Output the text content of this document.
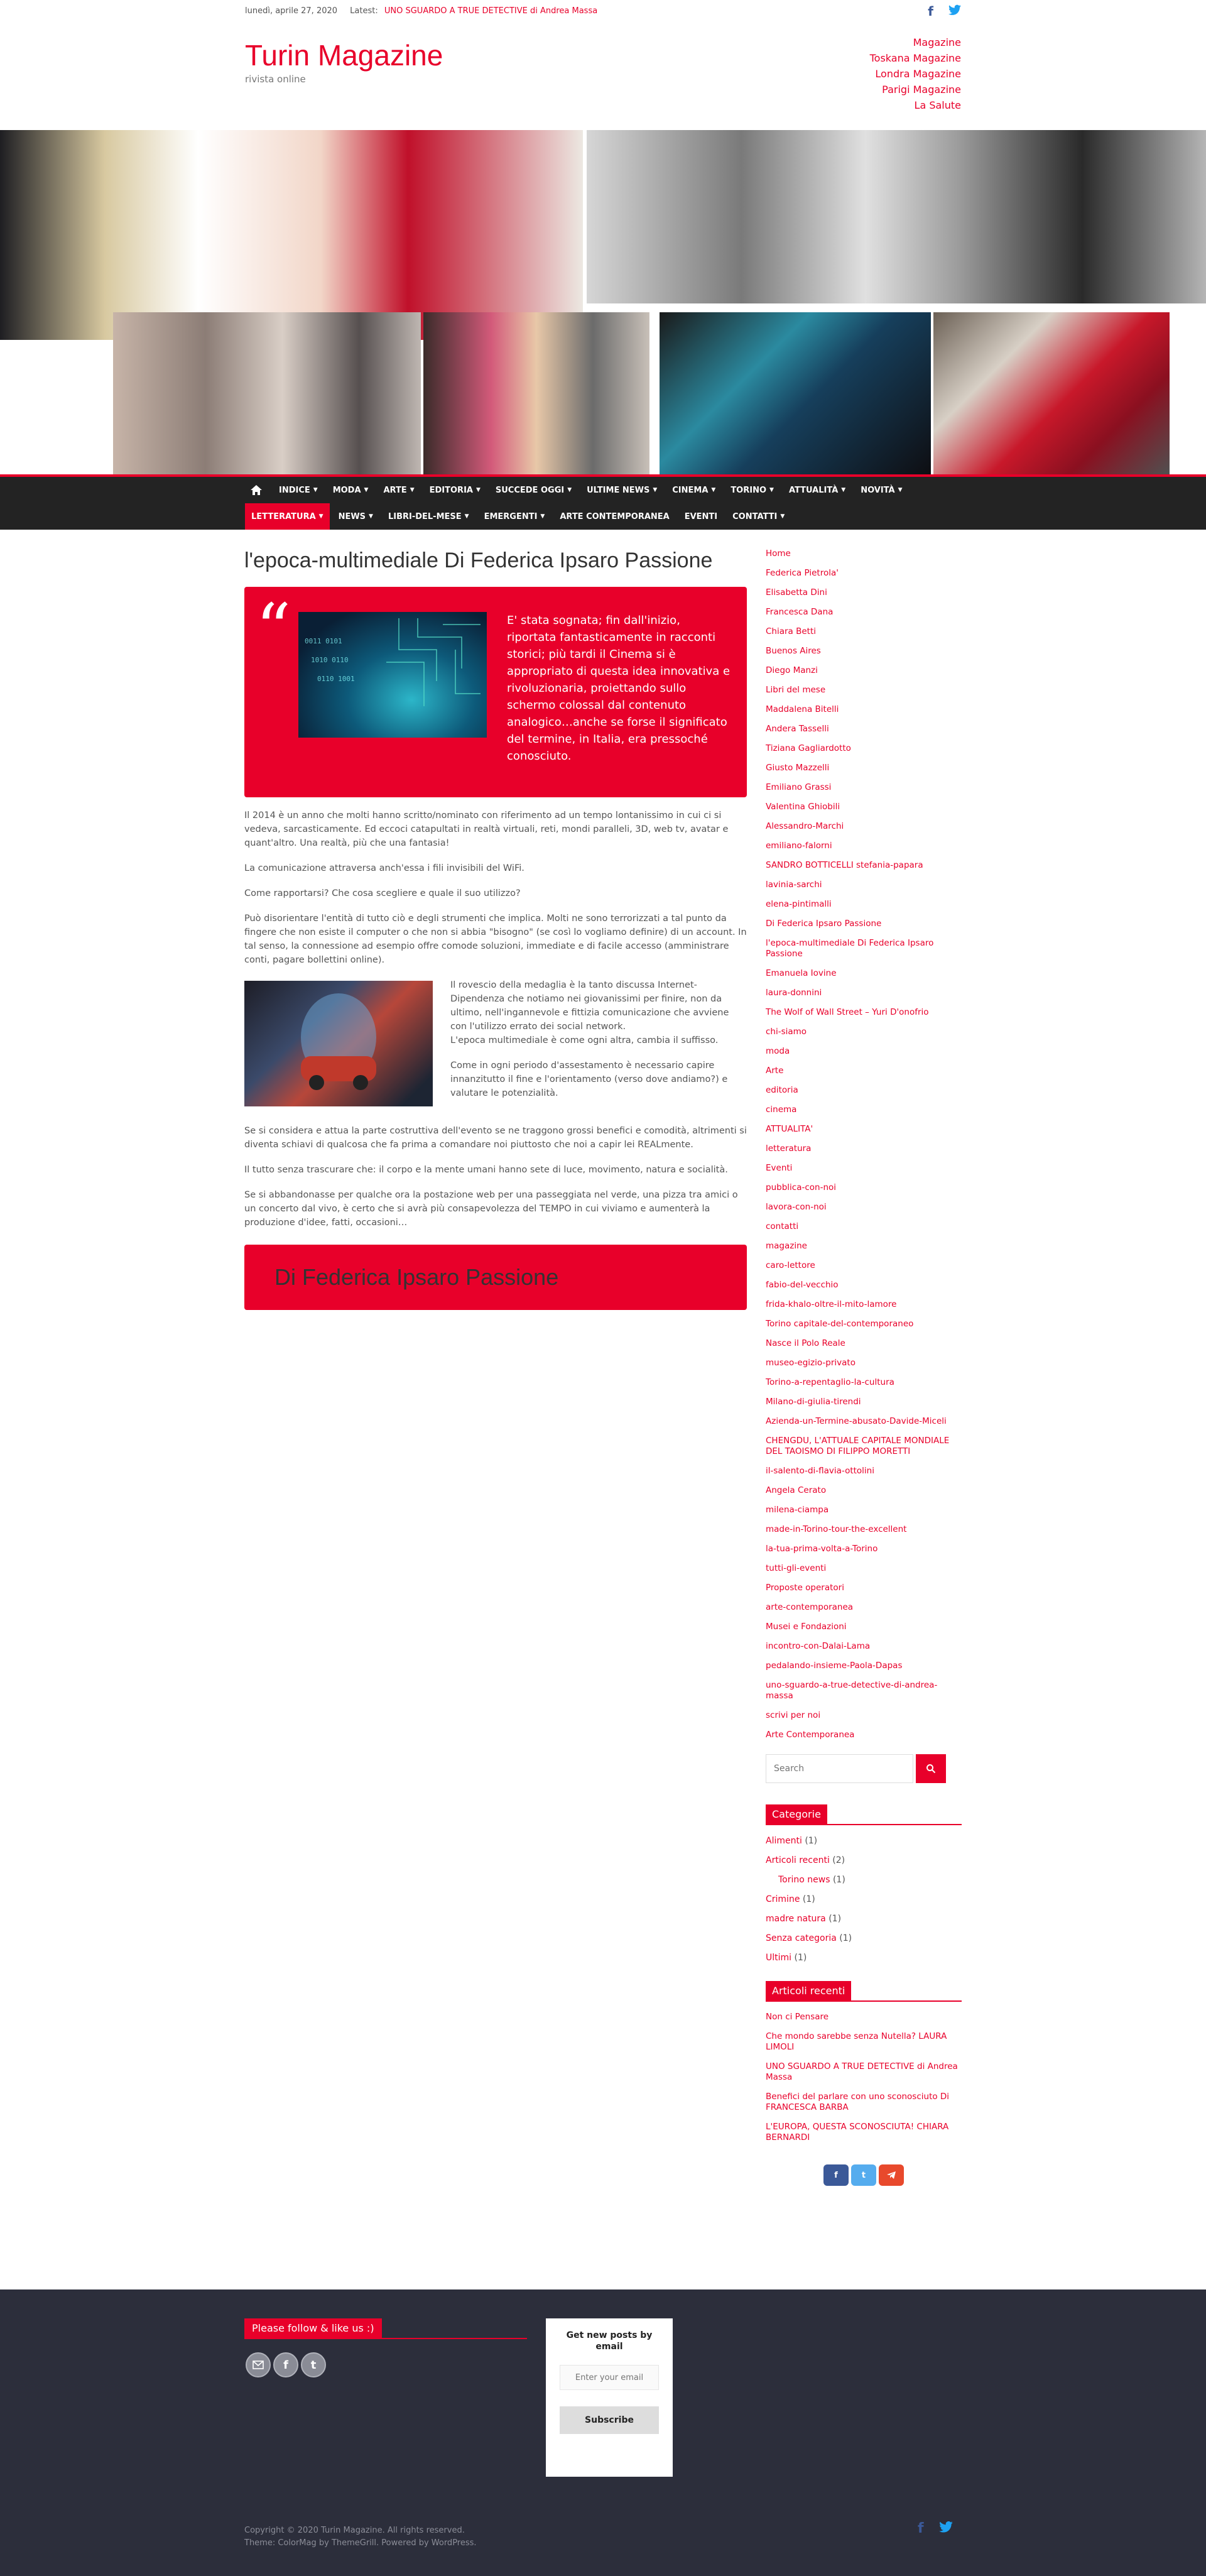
lunedì, aprile 27, 2020 Latest: UNO SGUARDO A TRUE DETECTIVE di Andrea Massa	f
Turin Magazine
rivista online
Magazine
Toskana Magazine
Londra Magazine
Parigi Magazine
La Salute
INDICE ▼ MODA ▼ ARTE ▼ EDITORIA ▼ SUCCEDE OGGI ▼ ULTIME NEWS ▼ CINEMA ▼ TORINO ▼ ATTUALITÀ ▼ NOVITÀ ▼
LETTERATURA ▼ NEWS ▼ LIBRI-DEL-MESE ▼ EMERGENTI ▼ ARTE CONTEMPORANEA EVENTI CONTATTI ▼
l'epoca-multimediale Di Federica Ipsaro Passione
“ 0011 0101
1010 0110
0110 1001
E' stata sognata; fin dall'inizio, riportata fantasticamente in racconti storici; più tardi il Cinema si è appropriato di questa idea innovativa e rivoluzionaria, proiettando sullo schermo colossal dal contenuto analogico…anche se forse il significato del termine, in Italia, era pressoché conosciuto.

Il 2014 è un anno che molti hanno scritto/nominato con riferimento ad un tempo lontanissimo in cui ci si vedeva, sarcasticamente. Ed eccoci catapultati in realtà virtuali, reti, mondi paralleli, 3D, web tv, avatar e quant'altro. Una realtà, più che una fantasia!

La comunicazione attraversa anch'essa i fili invisibili del WiFi.

Come rapportarsi? Che cosa scegliere e quale il suo utilizzo?

Può disorientare l'entità di tutto ciò e degli strumenti che implica. Molti ne sono terrorizzati a tal punto da fingere che non esiste il computer o che non si abbia "bisogno" (se così lo vogliamo definire) di un account. In tal senso, la connessione ad esempio offre comode soluzioni, immediate e di facile accesso (amministrare conti, pagare bollettini online).

Il rovescio della medaglia è la tanto discussa Internet-Dipendenza che notiamo nei giovanissimi per finire, non da ultimo, nell'ingannevole e fittizia comunicazione che avviene con l'utilizzo errato dei social network.
L'epoca multimediale è come ogni altra, cambia il suffisso.

Come in ogni periodo d'assestamento è necessario capire innanzitutto il fine e l'orientamento (verso dove andiamo?) e valutare le potenzialità.

Se si considera e attua la parte costruttiva dell'evento se ne traggono grossi benefici e comodità, altrimenti si diventa schiavi di qualcosa che fa prima a comandare noi piuttosto che noi a capir lei REALmente.

Il tutto senza trascurare che: il corpo e la mente umani hanno sete di luce, movimento, natura e socialità.

Se si abbandonasse per qualche ora la postazione web per una passeggiata nel verde, una pizza tra amici o un concerto dal vivo, è certo che si avrà più consapevolezza del TEMPO in cui viviamo e aumenterà la produzione d'idee, fatti, occasioni…

Di Federica Ipsaro Passione
Home
Federica Pietrola'
Elisabetta Dini
Francesca Dana
Chiara Betti
Buenos Aires
Diego Manzi
Libri del mese
Maddalena Bitelli
Andera Tasselli
Tiziana Gagliardotto
Giusto Mazzelli
Emiliano Grassi
Valentina Ghiobili
Alessandro-Marchi
emiliano-falorni
SANDRO BOTTICELLI stefania-papara
lavinia-sarchi
elena-pintimalli
Di Federica Ipsaro Passione
l'epoca-multimediale Di Federica Ipsaro Passione
Emanuela Iovine
laura-donnini
The Wolf of Wall Street – Yuri D'onofrio
chi-siamo
moda
Arte
editoria
cinema
ATTUALITA'
letteratura
Eventi
pubblica-con-noi
lavora-con-noi
contatti
magazine
caro-lettore
fabio-del-vecchio
frida-khalo-oltre-il-mito-lamore
Torino capitale-del-contemporaneo
Nasce il Polo Reale
museo-egizio-privato
Torino-a-repentaglio-la-cultura
Milano-di-giulia-tirendi
Azienda-un-Termine-abusato-Davide-Miceli
CHENGDU, L'ATTUALE CAPITALE MONDIALE DEL TAOISMO DI FILIPPO MORETTI
il-salento-di-flavia-ottolini
Angela Cerato
milena-ciampa
made-in-Torino-tour-the-excellent
la-tua-prima-volta-a-Torino
tutti-gli-eventi
Proposte operatori
arte-contemporanea
Musei e Fondazioni
incontro-con-Dalai-Lama
pedalando-insieme-Paola-Dapas
uno-sguardo-a-true-detective-di-andrea-massa
scrivi per noi
Arte Contemporanea
Search
Categorie
Alimenti (1)
Articoli recenti (2)
Torino news (1)
Crimine (1)
madre natura (1)
Senza categoria (1)
Ultimi (1)
Articoli recenti
Non ci Pensare
Che mondo sarebbe senza Nutella? LAURA LIMOLI
UNO SGUARDO A TRUE DETECTIVE di Andrea Massa
Benefici del parlare con uno sconosciuto Di FRANCESCA BARBA
L'EUROPA, QUESTA SCONOSCIUTA! CHIARA BERNARDI
f	t
Please follow & like us :)
f	t
Get new posts by email
Enter your email
Subscribe
Copyright © 2020 Turin Magazine. All rights reserved.
Theme: ColorMag by ThemeGrill. Powered by WordPress.
f
